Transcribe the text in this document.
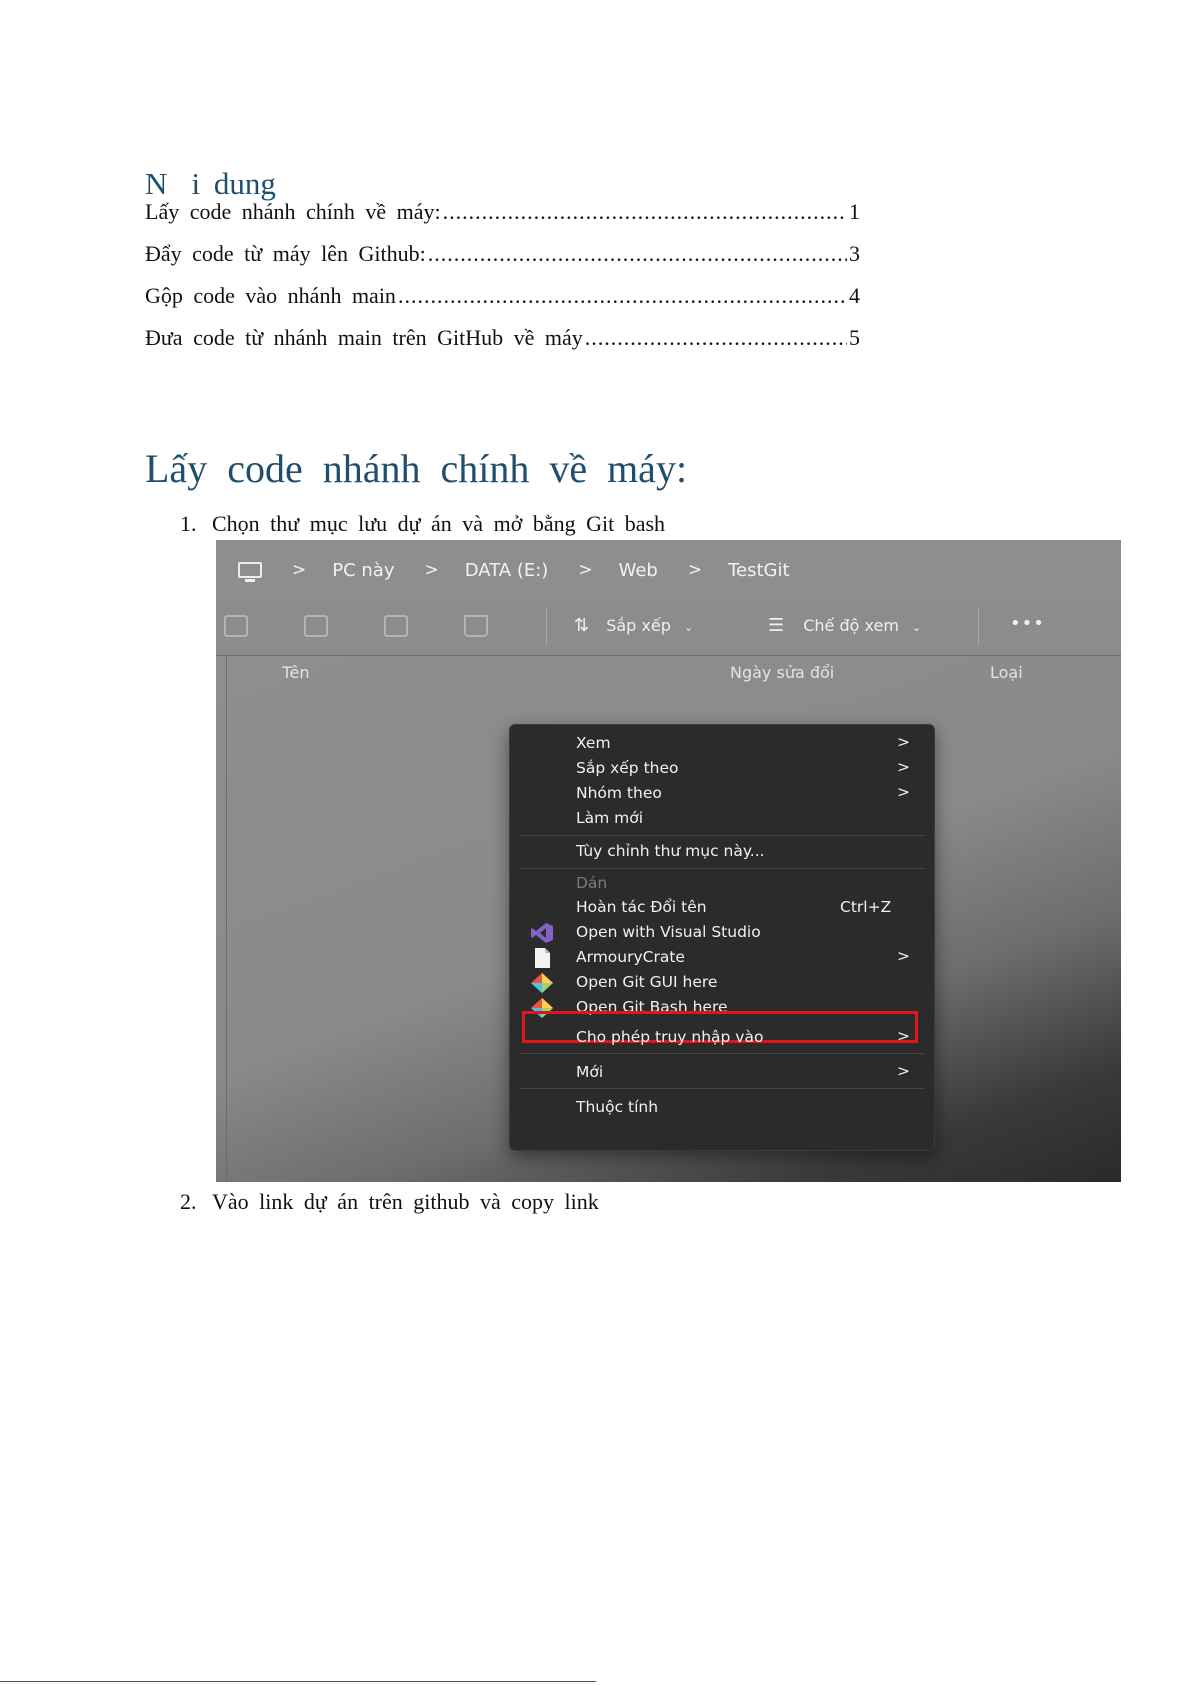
N i dung
Lấy code nhánh chính về máy: .....	1
Đẩy code từ máy lên Github: .....	3
Gộp code vào nhánh main .....	4
Đưa code từ nhánh main trên GitHub về máy .....	5
Lấy code nhánh chính về máy:
1. Chọn thư mục lưu dự án và mở bằng Git bash
> PC này > DATA (E:) > Web > TestGit
⇅ Sắp xếp ⌄	☰ Chế độ xem ⌄	•••
Tên	Ngày sửa đổi	Loại
Xem	>
Sắp xếp theo	>
Nhóm theo	>
Làm mới
Tùy chỉnh thư mục này...
Dán
Hoàn tác Đổi tên	Ctrl+Z
Open with Visual Studio
ArmouryCrate	>
Open Git GUI here
Open Git Bash here
Cho phép truy nhập vào	>
Mới	>
Thuộc tính
2. Vào link dự án trên github và copy link
